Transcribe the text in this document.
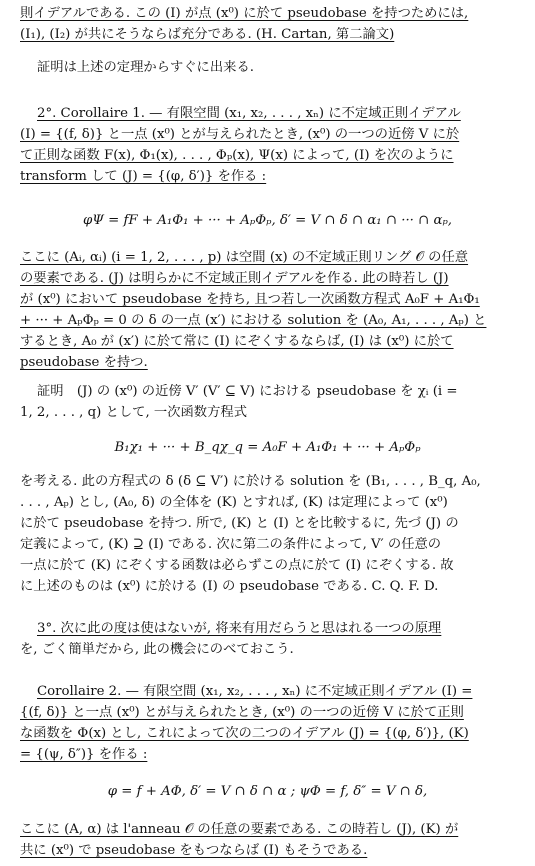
則イデアルである. この (I) が点 (x⁰) に於て pseudobase を持つためには,
(I₁), (I₂) が共にそうならば充分である. (H. Cartan, 第二論文)
証明は上述の定理からすぐに出来る.
2°. Corollaire 1. — 有限空間 (x₁, x₂, . . . , xₙ) に不定域正則イデアル
(I) = {(f, δ)} と一点 (x⁰) とが与えられたとき, (x⁰) の一つの近傍 V に於
て正則な函数 F(x), Φ₁(x), . . . , Φₚ(x), Ψ(x) によって, (I) を次のように
transform して (J) = {(φ, δ′)} を作る :
φΨ = fF + A₁Φ₁ + ··· + AₚΦₚ, δ′ = V ∩ δ ∩ α₁ ∩ ··· ∩ αₚ,
ここに (Aᵢ, αᵢ) (i = 1, 2, . . . , p) は空間 (x) の不定域正則リング 𝒪 の任意
の要素である. (J) は明らかに不定域正則イデアルを作る. 此の時若し (J)
が (x⁰) において pseudobase を持ち, 且つ若し一次函数方程式 A₀F + A₁Φ₁
+ ··· + AₚΦₚ = 0 の δ の一点 (x′) における solution を (A₀, A₁, . . . , Aₚ) と
するとき, A₀ が (x′) に於て常に (I) にぞくするならば, (I) は (x⁰) に於て
pseudobase を持つ.
証明　(J) の (x⁰) の近傍 V′ (V′ ⊆ V) における pseudobase を χᵢ (i =
1, 2, . . . , q) として, 一次函数方程式
B₁χ₁ + ··· + B_qχ_q = A₀F + A₁Φ₁ + ··· + AₚΦₚ
を考える. 此の方程式の δ (δ ⊆ V′) に於ける solution を (B₁, . . . , B_q, A₀,
. . . , Aₚ) とし, (A₀, δ) の全体を (K) とすれば, (K) は定理によって (x⁰)
に於て pseudobase を持つ. 所で, (K) と (I) とを比較するに, 先づ (J) の
定義によって, (K) ⊇ (I) である. 次に第二の条件によって, V′ の任意の
一点に於て (K) にぞくする函数は必らずこの点に於て (I) にぞくする. 故
に上述のものは (x⁰) に於ける (I) の pseudobase である. C. Q. F. D.
3°. 次に此の度は使はないが, 将来有用だらうと思はれる一つの原理
を, ごく簡単だから, 此の機会にのべておこう.
Corollaire 2. — 有限空間 (x₁, x₂, . . . , xₙ) に不定域正則イデアル (I) =
{(f, δ)} と一点 (x⁰) とが与えられたとき, (x⁰) の一つの近傍 V に於て正則
な函数を Φ(x) とし, これによって次の二つのイデアル (J) = {(φ, δ′)}, (K)
= {(ψ, δ″)} を作る :
φ = f + AΦ, δ′ = V ∩ δ ∩ α ; ψΦ = f, δ″ = V ∩ δ,
ここに (A, α) は l'anneau 𝒪 の任意の要素である. この時若し (J), (K) が
共に (x⁰) で pseudobase をもつならば (I) もそうである.
